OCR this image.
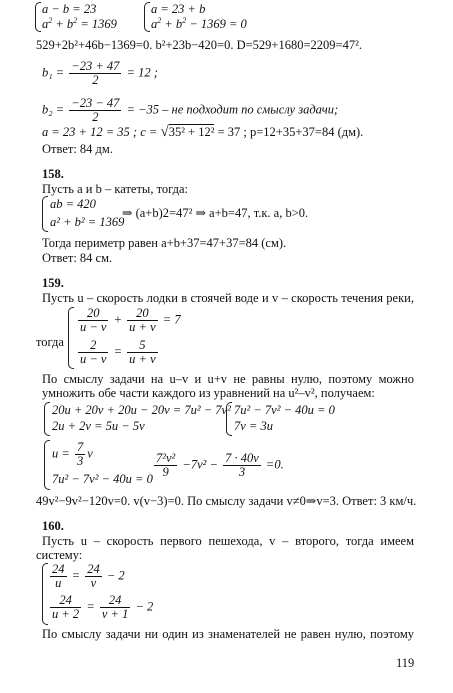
a − b = 23
$a^2 + b^2 = 1369$
a = 23 + b
$a^2 + b^2 - 1369 = 0$
529+2b²+46b−1369=0. b²+23b−420=0. D=529+1680=2209=47².
$b_1 = \frac{-23 + 47}{2} = 12$ ;
$b_2 = \frac{-23 - 47}{2} = -35$ – не подходит по смыслу задачи;
a = 23 + 12 = 35 ; c = √35² + 12² = 37 ; p=12+35+37=84 (дм).
Ответ: 84 дм.
158.
Пусть a и b – катеты, тогда:
ab = 420
a² + b² = 1369
⇒ (a+b)2=47² ⇒ a+b=47, т.к. a, b>0.
Тогда периметр равен a+b+37=47+37=84 (см).
Ответ: 84 см.
159.
Пусть u – скорость лодки в стоячей воде и v – скорость течения реки,
тогда
$\frac{20}{u - v} + \frac{20}{u + v} = 7$
$\frac{2}{u - v} = \frac{5}{u + v}$
По смыслу задачи на u–v и u+v не равны нулю, поэтому можно
умножить обе части каждого из уравнений на u²–v², получаем:
20u + 20v + 20u − 20v = 7u² − 7v²
2u + 2v = 5u − 5v
7u² − 7v² − 40u = 0
7v = 3u
$u = \frac{7}{3}$ v
$7u^2 - 7v^2 - 40u = 0 \frac{\text{7²v²}}{9} -7v^2 - \frac{7 \cdot 40v}{3} =0$.
49v²−9v²−120v=0. v(v−3)=0. По смыслу задачи v≠0⇒v=3. Ответ: 3 км/ч.
160.
Пусть u – скорость первого пешехода, v – второго, тогда имеем
систему:
$\frac{24}{u} = \frac{24}{v} - 2$
$\frac{24}{u + 2} = \frac{24}{v + 1} - 2$
По смыслу задачи ни один из знаменателей не равен нулю, поэтому
119
